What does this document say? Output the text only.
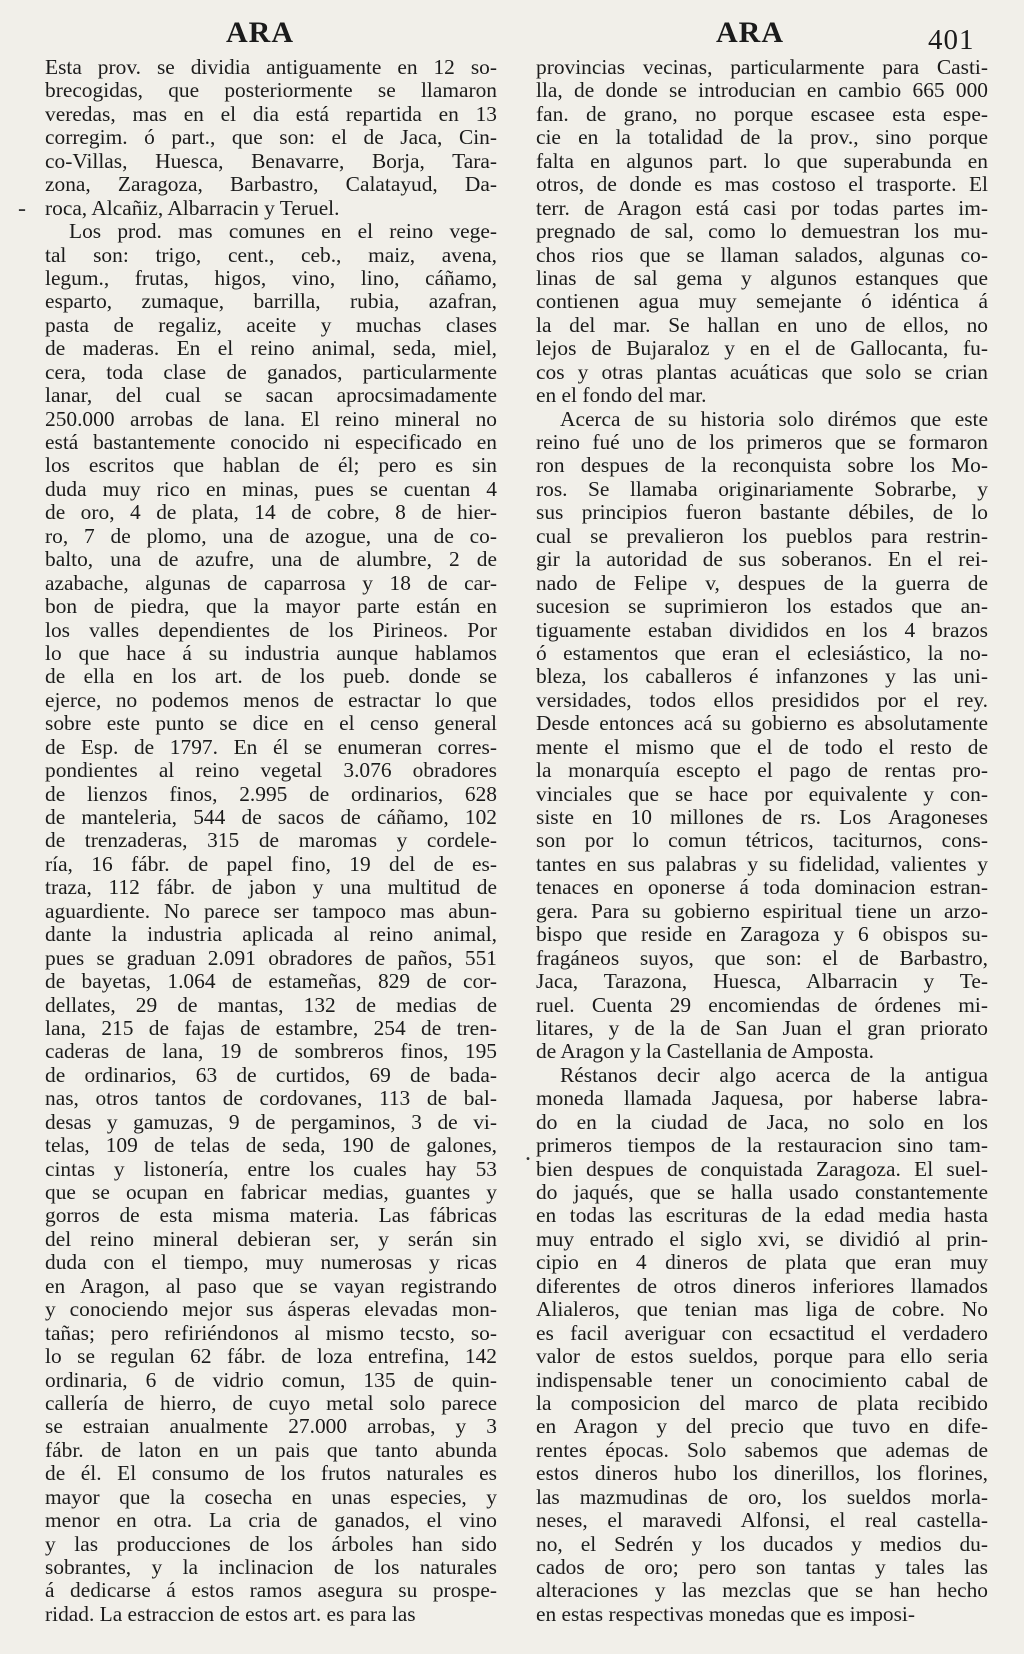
ARA	ARA	401
-
.
Esta prov. se dividia antiguamente en 12 so-
brecogidas, que posteriormente se llamaron
veredas, mas en el dia está repartida en 13
corregim. ó part., que son: el de Jaca, Cin-
co-Villas, Huesca, Benavarre, Borja, Tara-
zona, Zaragoza, Barbastro, Calatayud, Da-
roca, Alcañiz, Albarracin y Teruel.
Los prod. mas comunes en el reino vege-
tal son: trigo, cent., ceb., maiz, avena,
legum., frutas, higos, vino, lino, cáñamo,
esparto, zumaque, barrilla, rubia, azafran,
pasta de regaliz, aceite y muchas clases
de maderas. En el reino animal, seda, miel,
cera, toda clase de ganados, particularmente
lanar, del cual se sacan aprocsimadamente
250.000 arrobas de lana. El reino mineral no
está bastantemente conocido ni especificado en
los escritos que hablan de él; pero es sin
duda muy rico en minas, pues se cuentan 4
de oro, 4 de plata, 14 de cobre, 8 de hier-
ro, 7 de plomo, una de azogue, una de co-
balto, una de azufre, una de alumbre, 2 de
azabache, algunas de caparrosa y 18 de car-
bon de piedra, que la mayor parte están en
los valles dependientes de los Pirineos. Por
lo que hace á su industria aunque hablamos
de ella en los art. de los pueb. donde se
ejerce, no podemos menos de estractar lo que
sobre este punto se dice en el censo general
de Esp. de 1797. En él se enumeran corres-
pondientes al reino vegetal 3.076 obradores
de lienzos finos, 2.995 de ordinarios, 628
de manteleria, 544 de sacos de cáñamo, 102
de trenzaderas, 315 de maromas y cordele-
ría, 16 fábr. de papel fino, 19 del de es-
traza, 112 fábr. de jabon y una multitud de
aguardiente. No parece ser tampoco mas abun-
dante la industria aplicada al reino animal,
pues se graduan 2.091 obradores de paños, 551
de bayetas, 1.064 de estameñas, 829 de cor-
dellates, 29 de mantas, 132 de medias de
lana, 215 de fajas de estambre, 254 de tren-
caderas de lana, 19 de sombreros finos, 195
de ordinarios, 63 de curtidos, 69 de bada-
nas, otros tantos de cordovanes, 113 de bal-
desas y gamuzas, 9 de pergaminos, 3 de vi-
telas, 109 de telas de seda, 190 de galones,
cintas y listonería, entre los cuales hay 53
que se ocupan en fabricar medias, guantes y
gorros de esta misma materia. Las fábricas
del reino mineral debieran ser, y serán sin
duda con el tiempo, muy numerosas y ricas
en Aragon, al paso que se vayan registrando
y conociendo mejor sus ásperas elevadas mon-
tañas; pero refiriéndonos al mismo tecsto, so-
lo se regulan 62 fábr. de loza entrefina, 142
ordinaria, 6 de vidrio comun, 135 de quin-
callería de hierro, de cuyo metal solo parece
se estraian anualmente 27.000 arrobas, y 3
fábr. de laton en un pais que tanto abunda
de él. El consumo de los frutos naturales es
mayor que la cosecha en unas especies, y
menor en otra. La cria de ganados, el vino
y las producciones de los árboles han sido
sobrantes, y la inclinacion de los naturales
á dedicarse á estos ramos asegura su prospe-
ridad. La estraccion de estos art. es para las
provincias vecinas, particularmente para Casti-
lla, de donde se introducian en cambio 665 000
fan. de grano, no porque escasee esta espe-
cie en la totalidad de la prov., sino porque
falta en algunos part. lo que superabunda en
otros, de donde es mas costoso el trasporte. El
terr. de Aragon está casi por todas partes im-
pregnado de sal, como lo demuestran los mu-
chos rios que se llaman salados, algunas co-
linas de sal gema y algunos estanques que
contienen agua muy semejante ó idéntica á
la del mar. Se hallan en uno de ellos, no
lejos de Bujaraloz y en el de Gallocanta, fu-
cos y otras plantas acuáticas que solo se crian
en el fondo del mar.
Acerca de su historia solo dirémos que este
reino fué uno de los primeros que se formaron
ron despues de la reconquista sobre los Mo-
ros. Se llamaba originariamente Sobrarbe, y
sus principios fueron bastante débiles, de lo
cual se prevalieron los pueblos para restrin-
gir la autoridad de sus soberanos. En el rei-
nado de Felipe v, despues de la guerra de
sucesion se suprimieron los estados que an-
tiguamente estaban divididos en los 4 brazos
ó estamentos que eran el eclesiástico, la no-
bleza, los caballeros é infanzones y las uni-
versidades, todos ellos presididos por el rey.
Desde entonces acá su gobierno es absolutamente
mente el mismo que el de todo el resto de
la monarquía escepto el pago de rentas pro-
vinciales que se hace por equivalente y con-
siste en 10 millones de rs. Los Aragoneses
son por lo comun tétricos, taciturnos, cons-
tantes en sus palabras y su fidelidad, valientes y
tenaces en oponerse á toda dominacion estran-
gera. Para su gobierno espiritual tiene un arzo-
bispo que reside en Zaragoza y 6 obispos su-
fragáneos suyos, que son: el de Barbastro,
Jaca, Tarazona, Huesca, Albarracin y Te-
ruel. Cuenta 29 encomiendas de órdenes mi-
litares, y de la de San Juan el gran priorato
de Aragon y la Castellania de Amposta.
Réstanos decir algo acerca de la antigua
moneda llamada Jaquesa, por haberse labra-
do en la ciudad de Jaca, no solo en los
primeros tiempos de la restauracion sino tam-
bien despues de conquistada Zaragoza. El suel-
do jaqués, que se halla usado constantemente
en todas las escrituras de la edad media hasta
muy entrado el siglo xvi, se dividió al prin-
cipio en 4 dineros de plata que eran muy
diferentes de otros dineros inferiores llamados
Alialeros, que tenian mas liga de cobre. No
es facil averiguar con ecsactitud el verdadero
valor de estos sueldos, porque para ello seria
indispensable tener un conocimiento cabal de
la composicion del marco de plata recibido
en Aragon y del precio que tuvo en dife-
rentes épocas. Solo sabemos que ademas de
estos dineros hubo los dinerillos, los florines,
las mazmudinas de oro, los sueldos morla-
neses, el maravedi Alfonsi, el real castella-
no, el Sedrén y los ducados y medios du-
cados de oro; pero son tantas y tales las
alteraciones y las mezclas que se han hecho
en estas respectivas monedas que es imposi-
